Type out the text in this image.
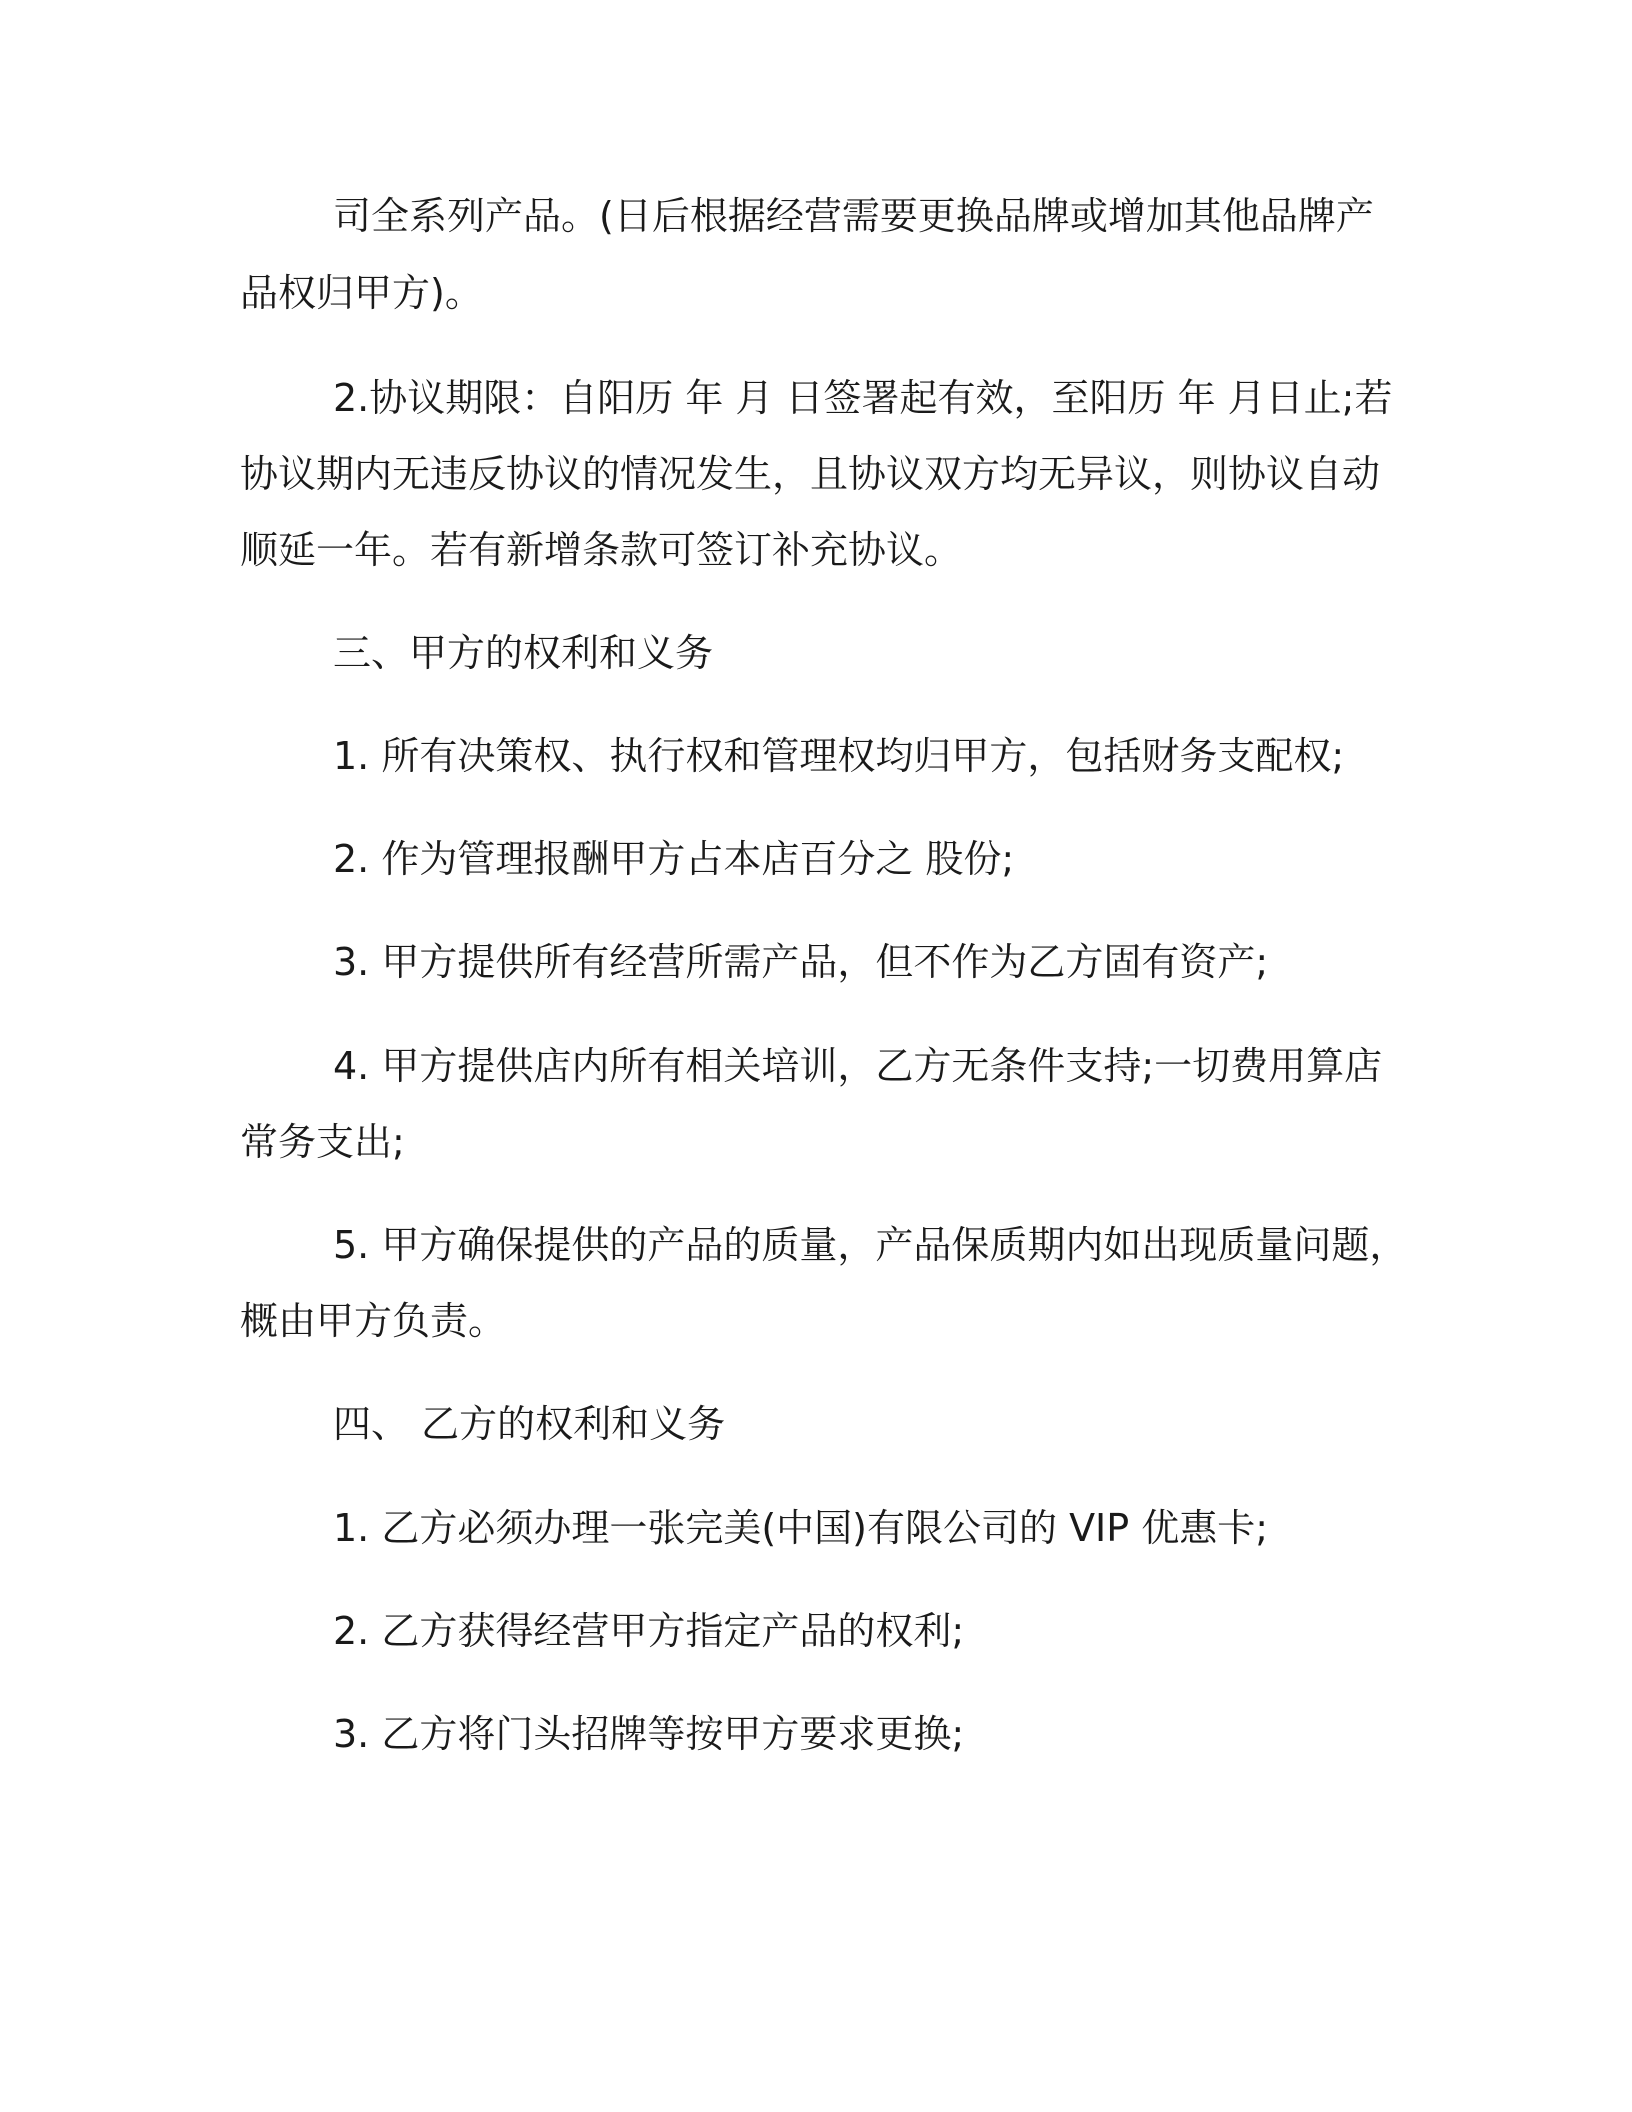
司全系列产品。(日后根据经营需要更换品牌或增加其他品牌产
品权归甲方)。
2.协议期限：自阳历 年 月 日签署起有效，至阳历 年 月日止;若
协议期内无违反协议的情况发生，且协议双方均无异议，则协议自动
顺延一年。若有新增条款可签订补充协议。
三、甲方的权利和义务
1. 所有决策权、执行权和管理权均归甲方，包括财务支配权;
2. 作为管理报酬甲方占本店百分之 股份;
3. 甲方提供所有经营所需产品，但不作为乙方固有资产;
4. 甲方提供店内所有相关培训，乙方无条件支持;一切费用算店
常务支出;
5. 甲方确保提供的产品的质量，产品保质期内如出现质量问题，
概由甲方负责。
四、 乙方的权利和义务
1. 乙方必须办理一张完美(中国)有限公司的 VIP 优惠卡;
2. 乙方获得经营甲方指定产品的权利;
3. 乙方将门头招牌等按甲方要求更换;
